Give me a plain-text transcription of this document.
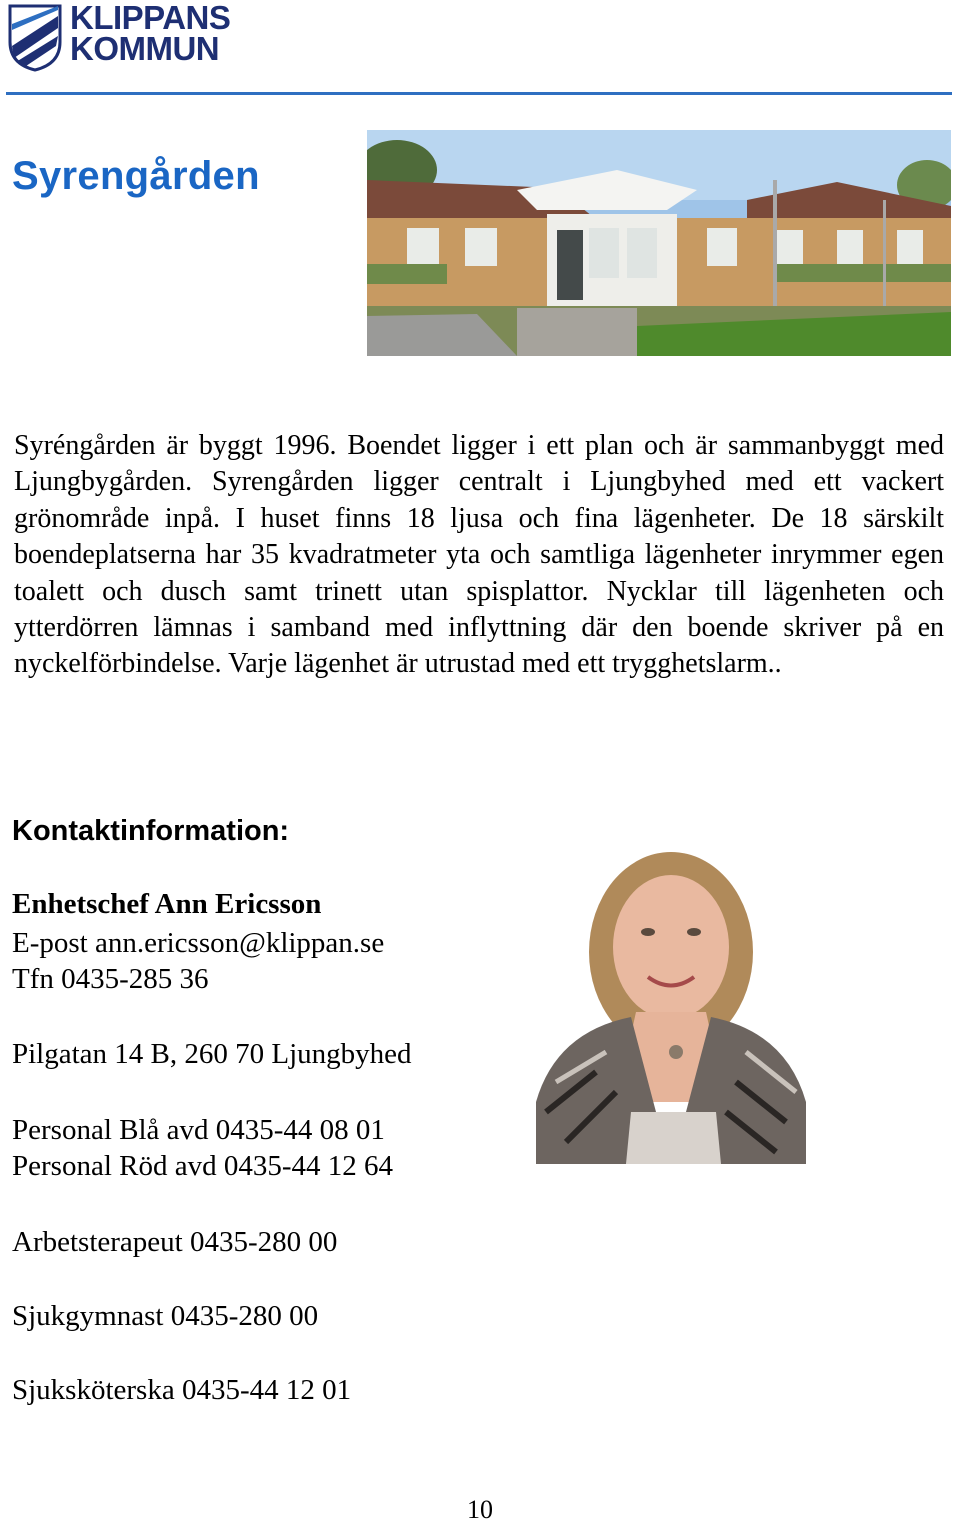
KLIPPANS
KOMMUN
Syrengården
Syréngården är byggt 1996. Boendet ligger i ett plan och är sammanbyggt med Ljungbygården. Syrengården ligger centralt i Ljungbyhed med ett vackert grönområde inpå. I huset finns 18 ljusa och fina lägenheter. De 18 särskilt boendeplatserna har 35 kvadratmeter yta och samtliga lägenheter inrymmer egen toalett och dusch samt trinett utan spisplattor. Nycklar till lägenheten och ytterdörren lämnas i samband med inflyttning där den boende skriver på en nyckelförbindelse. Varje lägenhet är utrustad med ett trygghetslarm..
Kontaktinformation:
Enhetschef Ann Ericsson
E-post ann.ericsson@klippan.se
Tfn 0435-285 36
Pilgatan 14 B, 260 70 Ljungbyhed
Personal Blå avd 0435-44 08 01
Personal Röd avd 0435-44 12 64
Arbetsterapeut 0435-280 00
Sjukgymnast 0435-280 00
Sjuksköterska 0435-44 12 01
10
